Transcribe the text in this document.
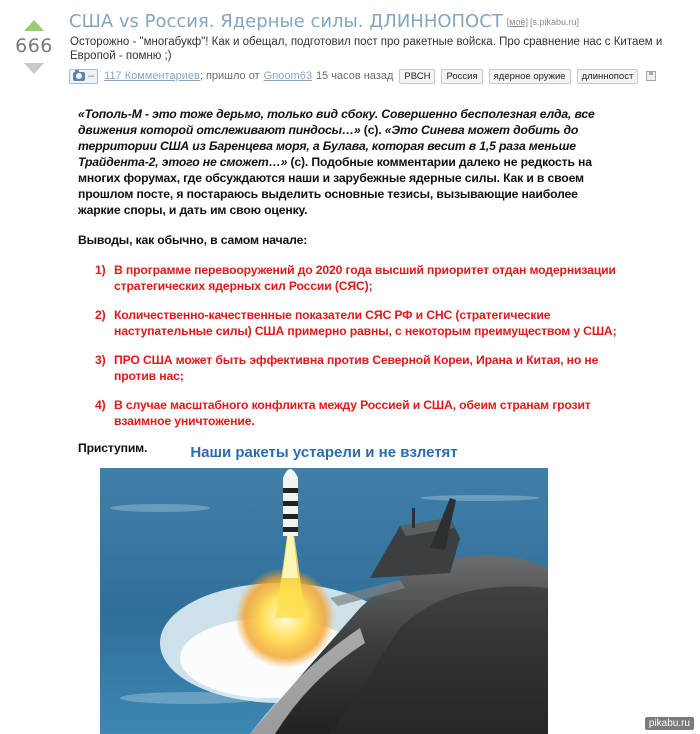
666
США vs Россия. Ядерные силы. ДЛИННОПОСТ [моё] [s.pikabu.ru]
Осторожно - "многабукф"! Как и обещал, подготовил пост про ракетные войска. Про сравнение нас с Китаем и Европой - помню ;)
– 117 Комментариев ; пришло от Gnoom63 15 часов назад	РВСН	Россия	ядерное оружие	длиннопост

«Тополь-М - это тоже дерьмо, только вид сбоку. Совершенно бесполезная елда, все движения которой отслеживают пиндосы…» (с). «Это Синева может добить до территории США из Баренцева моря, а Булава, которая весит в 1,5 раза меньше Трайдента-2, этого не сможет…» (с). Подобные комментарии далеко не редкость на многих форумах, где обсуждаются наши и зарубежные ядерные силы. Как и в своем прошлом посте, я постараюсь выделить основные тезисы, вызывающие наиболее жаркие споры, и дать им свою оценку.

Выводы, как обычно, в самом начале:

1) В программе перевооружений до 2020 года высший приоритет отдан модернизации стратегических ядерных сил России (СЯС);
2) Количественно-качественные показатели СЯС РФ и СНС (стратегические наступательные силы) США примерно равны, с некоторым преимуществом у США;
3) ПРО США может быть эффективна против Северной Кореи, Ирана и Китая, но не против нас;
4) В случае масштабного конфликта между Россией и США, обеим странам грозит взаимное уничтожение.

Приступим.	Наши ракеты устарели и не взлетят
pikabu.ru
